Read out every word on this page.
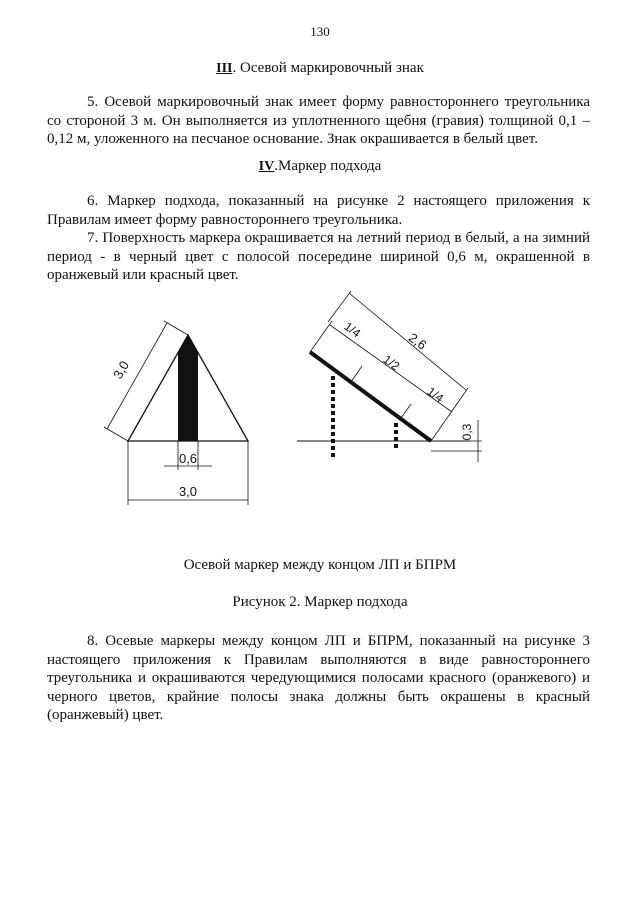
130
III. Осевой маркировочный знак

5. Осевой маркировочный знак имеет форму равностороннего треугольника со стороной 3 м. Он выполняется из уплотненного щебня (гравия) толщиной 0,1 – 0,12 м, уложенного на песчаное основание. Знак окрашивается в белый цвет.

IV.Маркер подхода

6. Маркер подхода, показанный на рисунке 2 настоящего приложения к Правилам имеет форму равностороннего треугольника.

7. Поверхность маркера окрашивается на летний период в белый, а на зимний период - в черный цвет с полосой посередине шириной 0,6 м, окрашенной в оранжевый или красный цвет.

3,0
0,6
3,0
1/4
2,6
1/2
1/4
0,3
Осевой маркер между концом ЛП и БПРМ
Рисунок 2. Маркер подхода

8. Осевые маркеры между концом ЛП и БПРМ, показанный на рисунке 3 настоящего приложения к Правилам выполняются в виде равностороннего треугольника и окрашиваются чередующимися полосами красного (оранжевого) и черного цветов, крайние полосы знака должны быть окрашены в красный (оранжевый) цвет.
